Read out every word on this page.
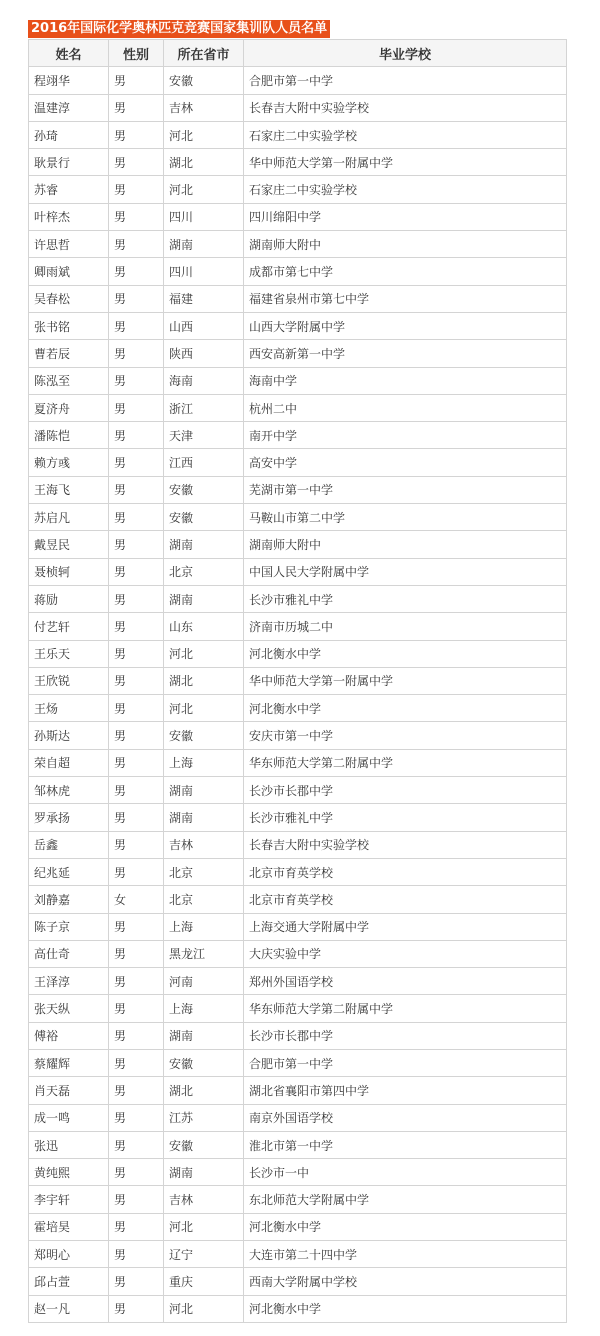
2016年国际化学奥林匹克竞赛国家集训队人员名单
姓名	性别	所在省市	毕业学校
程翊华	男	安徽	合肥市第一中学
温建淳	男	吉林	长春吉大附中实验学校
孙琦	男	河北	石家庄二中实验学校
耿景行	男	湖北	华中师范大学第一附属中学
苏睿	男	河北	石家庄二中实验学校
叶梓杰	男	四川	四川绵阳中学
许思哲	男	湖南	湖南师大附中
卿雨斌	男	四川	成都市第七中学
吴春松	男	福建	福建省泉州市第七中学
张书铭	男	山西	山西大学附属中学
曹若辰	男	陕西	西安高新第一中学
陈泓至	男	海南	海南中学
夏济舟	男	浙江	杭州二中
潘陈恺	男	天津	南开中学
赖方彧	男	江西	高安中学
王海飞	男	安徽	芜湖市第一中学
苏启凡	男	安徽	马鞍山市第二中学
戴昱民	男	湖南	湖南师大附中
聂桢轲	男	北京	中国人民大学附属中学
蒋励	男	湖南	长沙市雅礼中学
付艺轩	男	山东	济南市历城二中
王乐天	男	河北	河北衡水中学
王欣锐	男	湖北	华中师范大学第一附属中学
王炀	男	河北	河北衡水中学
孙斯达	男	安徽	安庆市第一中学
荣自超	男	上海	华东师范大学第二附属中学
邹林虎	男	湖南	长沙市长郡中学
罗承扬	男	湖南	长沙市雅礼中学
岳鑫	男	吉林	长春吉大附中实验学校
纪兆延	男	北京	北京市育英学校
刘静嘉	女	北京	北京市育英学校
陈子京	男	上海	上海交通大学附属中学
高仕奇	男	黑龙江	大庆实验中学
王泽淳	男	河南	郑州外国语学校
张天纵	男	上海	华东师范大学第二附属中学
傅裕	男	湖南	长沙市长郡中学
蔡耀辉	男	安徽	合肥市第一中学
肖天磊	男	湖北	湖北省襄阳市第四中学
成一鸣	男	江苏	南京外国语学校
张迅	男	安徽	淮北市第一中学
黄纯熙	男	湖南	长沙市一中
李宇轩	男	吉林	东北师范大学附属中学
霍培昊	男	河北	河北衡水中学
郑明心	男	辽宁	大连市第二十四中学
邱占萱	男	重庆	西南大学附属中学校
赵一凡	男	河北	河北衡水中学
